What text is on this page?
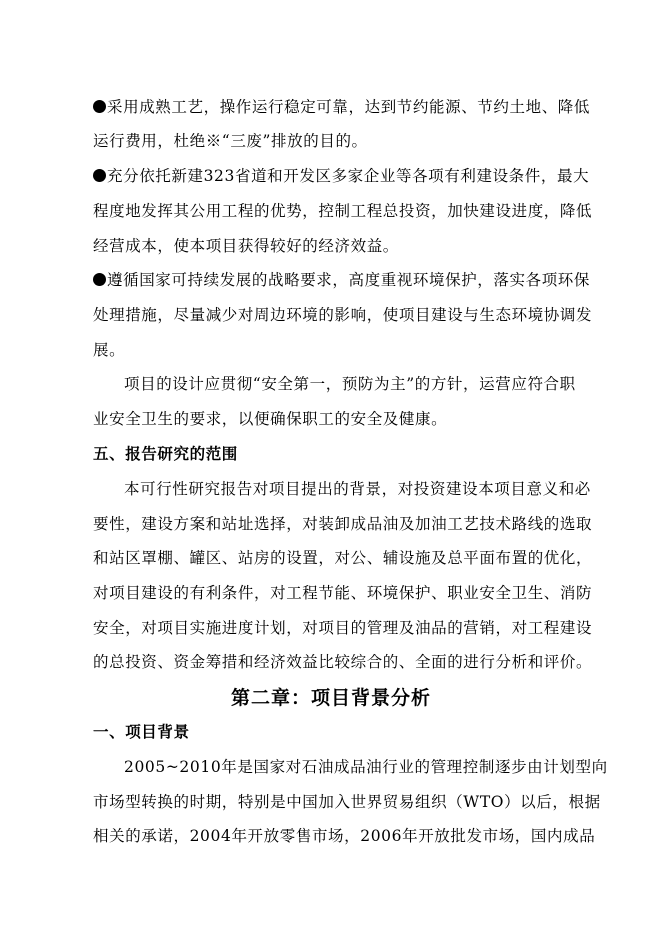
采用成熟工艺，操作运行稳定可靠，达到节约能源、节约土地、降低
运行费用，杜绝※“三废”排放的目的。
充分依托新建323省道和开发区多家企业等各项有利建设条件，最大
程度地发挥其公用工程的优势，控制工程总投资，加快建设进度，降低
经营成本，使本项目获得较好的经济效益。
遵循国家可持续发展的战略要求，高度重视环境保护，落实各项环保
处理措施，尽量减少对周边环境的影响，使项目建设与生态环境协调发
展。
项目的设计应贯彻“安全第一，预防为主”的方针，运营应符合职
业安全卫生的要求，以便确保职工的安全及健康。
五、报告研究的范围
本可行性研究报告对项目提出的背景，对投资建设本项目意义和必
要性，建设方案和站址选择，对装卸成品油及加油工艺技术路线的选取
和站区罩棚、罐区、站房的设置，对公、辅设施及总平面布置的优化，
对项目建设的有利条件，对工程节能、环境保护、职业安全卫生、消防
安全，对项目实施进度计划，对项目的管理及油品的营销，对工程建设
的总投资、资金筹措和经济效益比较综合的、全面的进行分析和评价。
第二章：项目背景分析
一、项目背景
2005~2010年是国家对石油成品油行业的管理控制逐步由计划型向
市场型转换的时期，特别是中国加入世界贸易组织（WTO）以后，根据
相关的承诺，2004年开放零售市场，2006年开放批发市场，国内成品
